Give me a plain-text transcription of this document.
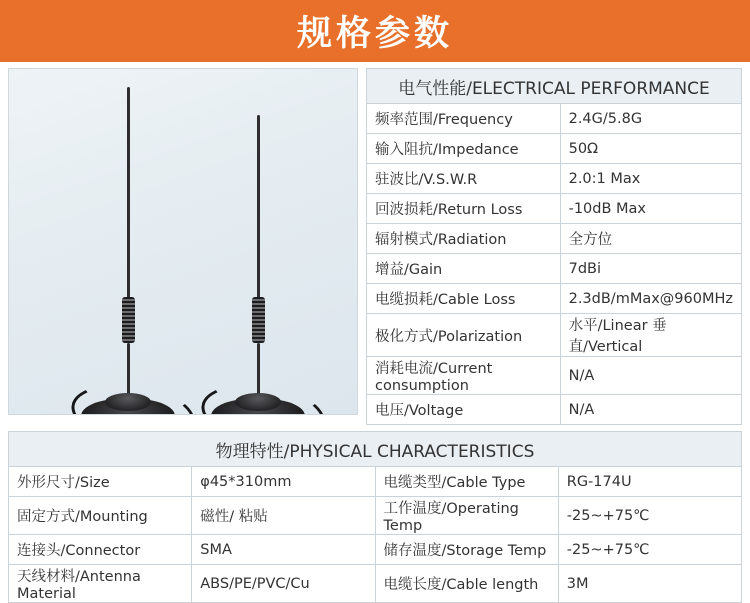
规格参数
电气性能/ELECTRICAL PERFORMANCE	
频率范围/Frequency	2.4G/5.8G
输入阻抗/Impedance	50Ω
驻波比/V.S.W.R	2.0:1 Max
回波损耗/Return Loss	-10dB Max
辐射模式/Radiation	全方位
增益/Gain	7dBi
电缆损耗/Cable Loss	2.3dB/mMax@960MHz
极化方式/Polarization	水平/Linear 垂直/Vertical
消耗电流/Current consumption	N/A
电压/Voltage	N/A
物理特性/PHYSICAL CHARACTERISTICS			
外形尺寸/Size	φ45*310mm	电缆类型/Cable Type	RG-174U
固定方式/Mounting	磁性/ 粘贴	工作温度/Operating Temp	-25~+75℃
连接头/Connector	SMA	储存温度/Storage Temp	-25~+75℃
天线材料/Antenna Material	ABS/PE/PVC/Cu	电缆长度/Cable length	3M
